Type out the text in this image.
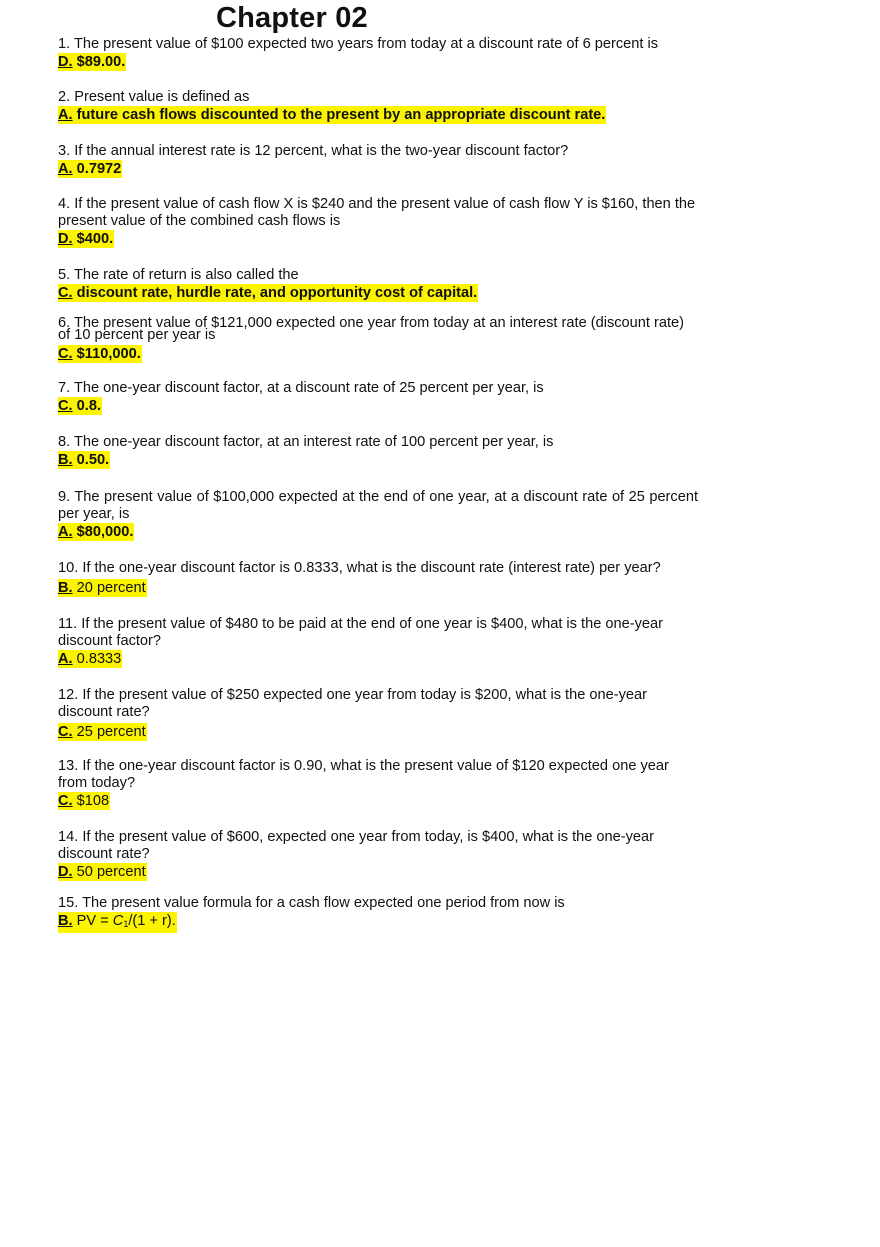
Chapter 02
1. The present value of $100 expected two years from today at a discount rate of 6 percent is
D. $89.00.
2. Present value is defined as
A. future cash flows discounted to the present by an appropriate discount rate.
3. If the annual interest rate is 12 percent, what is the two-year discount factor?
A. 0.7972
4. If the present value of cash flow X is $240 and the present value of cash flow Y is $160, then the present value of the combined cash flows is
D. $400.
5. The rate of return is also called the
C. discount rate, hurdle rate, and opportunity cost of capital.
6. The present value of $121,000 expected one year from today at an interest rate (discount rate) of 10 percent per year is
C. $110,000.
7. The one-year discount factor, at a discount rate of 25 percent per year, is
C. 0.8.
8. The one-year discount factor, at an interest rate of 100 percent per year, is
B. 0.50.
9. The present value of $100,000 expected at the end of one year, at a discount rate of 25 percent per year, is
A. $80,000.
10. If the one-year discount factor is 0.8333, what is the discount rate (interest rate) per year?
B. 20 percent
11. If the present value of $480 to be paid at the end of one year is $400, what is the one-year discount factor?
A. 0.8333
12. If the present value of $250 expected one year from today is $200, what is the one-year discount rate?
C. 25 percent
13. If the one-year discount factor is 0.90, what is the present value of $120 expected one year from today?
C. $108
14. If the present value of $600, expected one year from today, is $400, what is the one-year discount rate?
D. 50 percent
15. The present value formula for a cash flow expected one period from now is
B. PV = $C_1/(1 + r)$.
